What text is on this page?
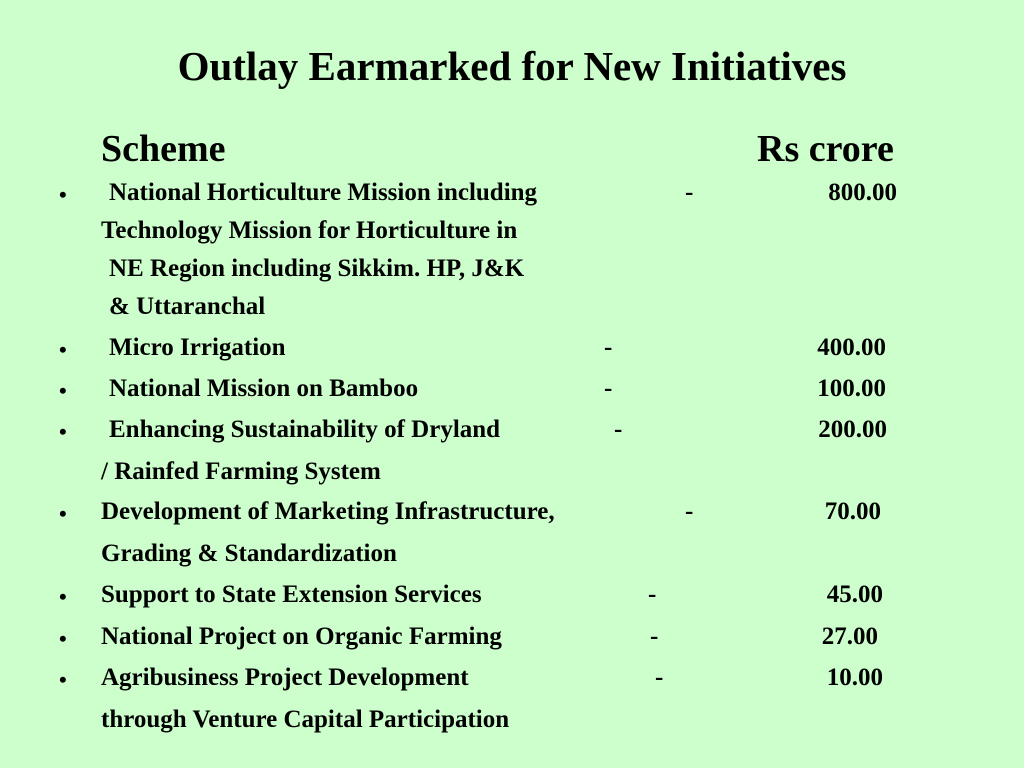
Outlay Earmarked for New Initiatives
Scheme	Rs crore
• National Horticulture Mission including
Technology Mission for Horticulture in
NE Region including Sikkim. HP, J&K
& Uttaranchal
-	800.00
• Micro Irrigation	-	400.00
• National Mission on Bamboo	-	100.00
• Enhancing Sustainability of Dryland
/ Rainfed Farming System
-	200.00
• Development of Marketing Infrastructure,
Grading & Standardization
-	70.00
• Support to State Extension Services	-	45.00
• National Project on Organic Farming	-	27.00
• Agribusiness Project Development
through Venture Capital Participation
-	10.00
